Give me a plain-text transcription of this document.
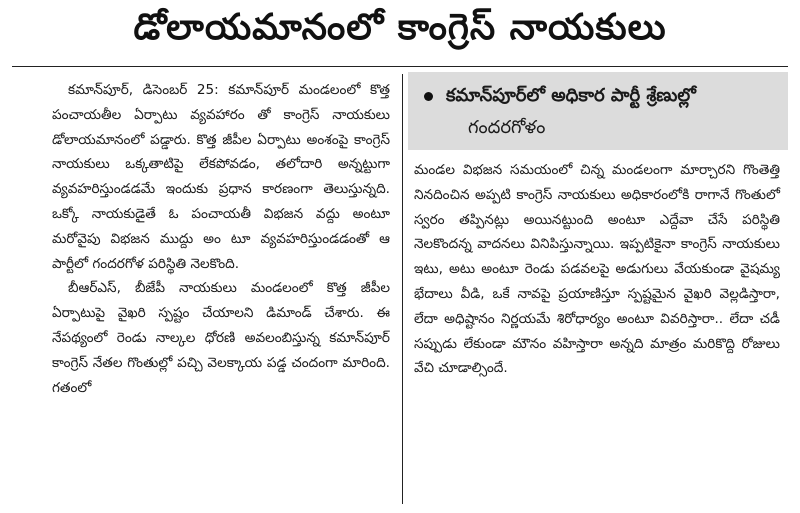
డోలాయమానంలో కాంగ్రెస్ నాయకులు

కమాన్‌పూర్, డిసెంబర్ 25: కమాన్‌పూర్ మండలంలో కొత్త పంచాయతీల ఏర్పాటు వ్యవహారం తో కాంగ్రెస్ నాయకులు డోలాయమానంలో పడ్డారు. కొత్త జీపీల ఏర్పాటు అంశంపై కాంగ్రెస్ నాయకులు ఒక్కతాటిపై లేకపోవడం, తలోదారి అన్నట్టుగా వ్యవహరిస్తుండడమే ఇందుకు ప్రధాన కారణంగా తెలుస్తున్నది. ఒక్కో నాయకుడైతే ఓ పంచాయతీ విభజన వద్దు అంటూ మరోవైపు విభజన ముద్దు అం టూ వ్యవహరిస్తుండడంతో ఆ పార్టీలో గందరగోళ పరిస్థితి నెలకొంది.

బీఆర్‌ఎస్, బీజేపీ నాయకులు మండలంలో కొత్త జీపీల ఏర్పాటుపై వైఖరి స్పష్టం చేయాలని డిమాండ్ చేశారు. ఈ నేపథ్యంలో రెండు నాల్కల ధోరణి అవలంబిస్తున్న కమాన్‌పూర్ కాంగ్రెస్ నేతల గొంతుల్లో పచ్చి వెలక్కాయ పడ్డ చందంగా మారింది. గతంలో

కమాన్‌పూర్‌లో అధికార పార్టీ శ్రేణుల్లో
గందరగోళం

మండల విభజన సమయంలో చిన్న మండలంగా మార్చారని గొంతెత్తి నినదించిన అప్పటి కాంగ్రెస్ నాయకులు అధికారంలోకి రాగానే గొంతులో స్వరం తప్పినట్లు అయినట్టుంది అంటూ ఎద్దేవా చేసే పరిస్థితి నెలకొందన్న వాదనలు వినిపిస్తున్నాయి. ఇప్పటికైనా కాంగ్రెస్ నాయకులు ఇటు, అటు అంటూ రెండు పడవలపై అడుగులు వేయకుండా వైషమ్య భేదాలు వీడి, ఒకే నావపై ప్రయాణిస్తూ స్పష్టమైన వైఖరి వెల్లడిస్తారా, లేదా అధిష్టానం నిర్ణయమే శిరోధార్యం అంటూ వివరిస్తారా.. లేదా చడీ సప్పుడు లేకుండా మౌనం వహిస్తారా అన్నది మాత్రం మరికొద్ది రోజులు వేచి చూడాల్సిందే.
